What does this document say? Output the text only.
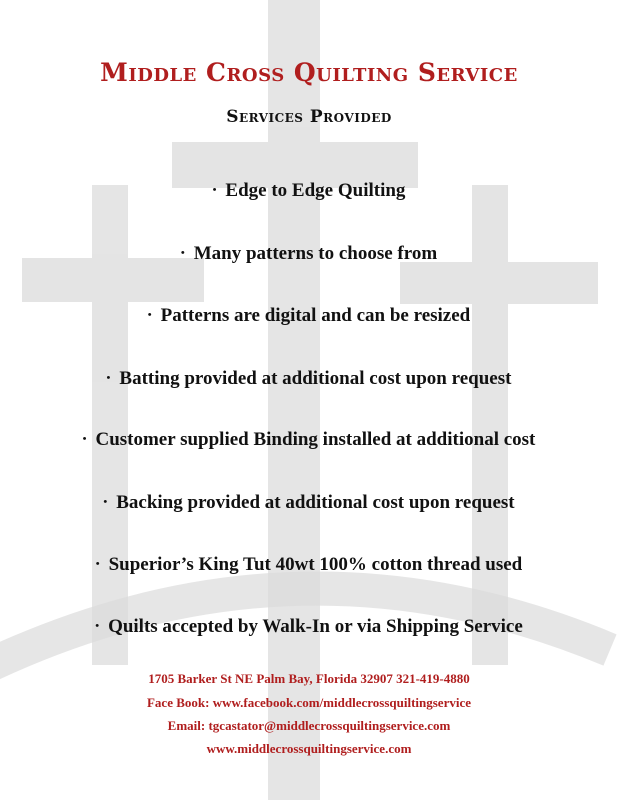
Middle Cross Quilting Service
Services Provided
• Edge to Edge Quilting
• Many patterns to choose from
• Patterns are digital and can be resized
• Batting provided at additional cost upon request
• Customer supplied Binding installed at additional cost
• Backing provided at additional cost upon request
• Superior’s King Tut 40wt 100% cotton thread used
• Quilts accepted by Walk-In or via Shipping Service
1705 Barker St NE Palm Bay, Florida 32907 321-419-4880
Face Book: www.facebook.com/middlecrossquiltingservice
Email: tgcastator@middlecrossquiltingservice.com
www.middlecrossquiltingservice.com
